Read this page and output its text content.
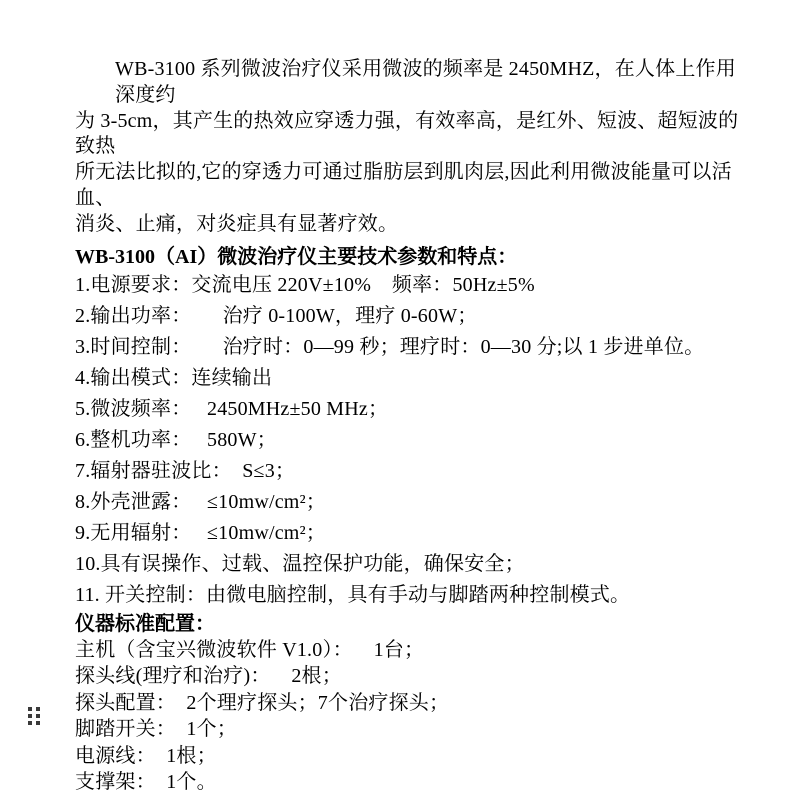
WB-3100 系列微波治疗仪采用微波的频率是 2450MHZ，在人体上作用深度约
为 3-5cm，其产生的热效应穿透力强，有效率高，是红外、短波、超短波的致热
所无法比拟的,它的穿透力可通过脂肪层到肌肉层,因此利用微波能量可以活血、
消炎、止痛，对炎症具有显著疗效。
WB-3100（AI）微波治疗仪主要技术参数和特点：
1.电源要求：交流电压 220V±10%    频率：50Hz±5%
2.输出功率：      治疗 0-100W，理疗 0-60W；
3.时间控制：      治疗时：0—99 秒；理疗时：0—30 分;以 1 步进单位。
4.输出模式：连续输出
5.微波频率：   2450MHz±50 MHz；
6.整机功率：   580W；
7.辐射器驻波比：  S≤3；
8.外壳泄露：   ≤10mw/cm²；
9.无用辐射：   ≤10mw/cm²；
10.具有误操作、过载、温控保护功能，确保安全；
11. 开关控制：由微电脑控制，具有手动与脚踏两种控制模式。
仪器标准配置：
主机（含宝兴微波软件 V1.0）：    1台；
探头线(理疗和治疗)：    2根；
探头配置：  2个理疗探头；7个治疗探头；
脚踏开关：  1个；
电源线：  1根；
支撑架：  1个。
